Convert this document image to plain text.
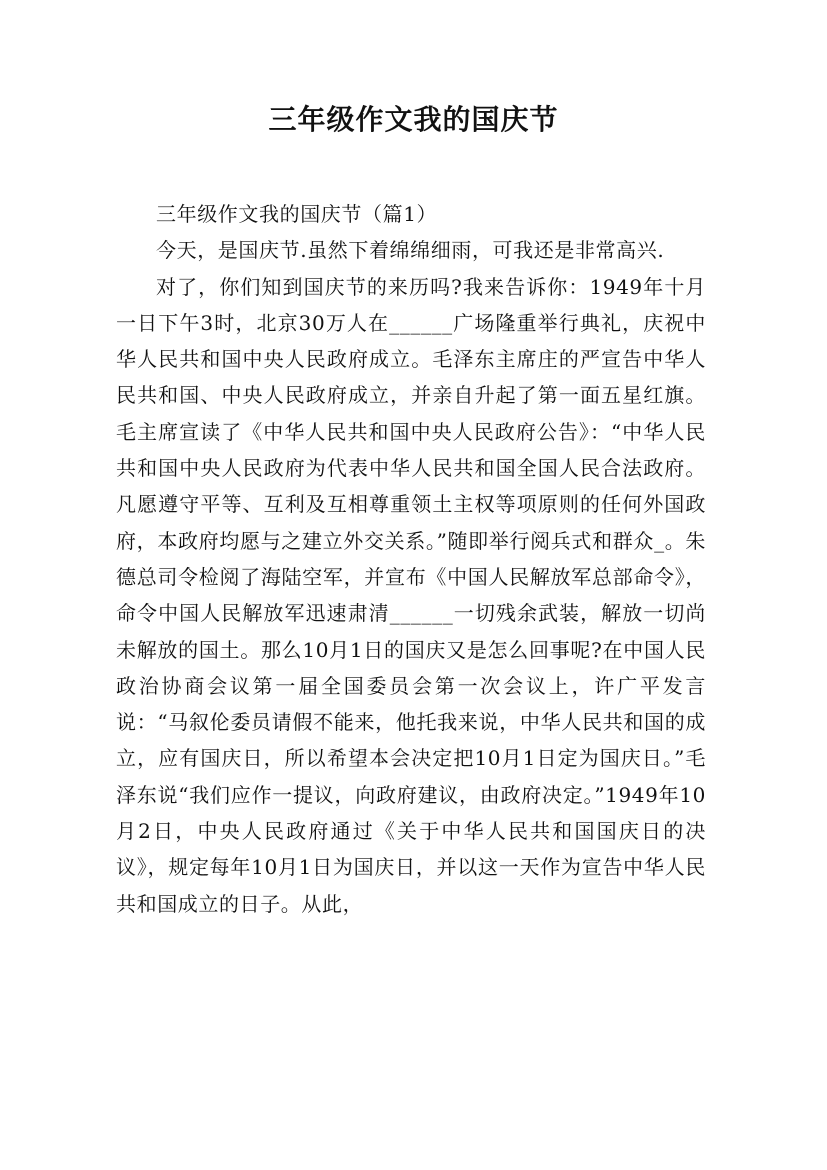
三年级作文我的国庆节

三年级作文我的国庆节（篇1）

今天，是国庆节.虽然下着绵绵细雨，可我还是非常高兴.

对了，你们知到国庆节的来历吗?我来告诉你：1949年十月一日下午3时，北京30万人在______广场隆重举行典礼，庆祝中华人民共和国中央人民政府成立。毛泽东主席庄的严宣告中华人民共和国、中央人民政府成立，并亲自升起了第一面五星红旗。毛主席宣读了《中华人民共和国中央人民政府公告》：“中华人民共和国中央人民政府为代表中华人民共和国全国人民合法政府。凡愿遵守平等、互利及互相尊重领土主权等项原则的任何外国政府，本政府均愿与之建立外交关系。”随即举行阅兵式和群众_。朱德总司令检阅了海陆空军，并宣布《中国人民解放军总部命令》，命令中国人民解放军迅速肃清______一切残余武装，解放一切尚未解放的国土。那么10月1日的国庆又是怎么回事呢?在中国人民政治协商会议第一届全国委员会第一次会议上，许广平发言说：“马叙伦委员请假不能来，他托我来说，中华人民共和国的成立，应有国庆日，所以希望本会决定把10月1日定为国庆日。”毛泽东说“我们应作一提议，向政府建议，由政府决定。”1949年10月2日，中央人民政府通过《关于中华人民共和国国庆日的决议》，规定每年10月1日为国庆日，并以这一天作为宣告中华人民共和国成立的日子。从此，
